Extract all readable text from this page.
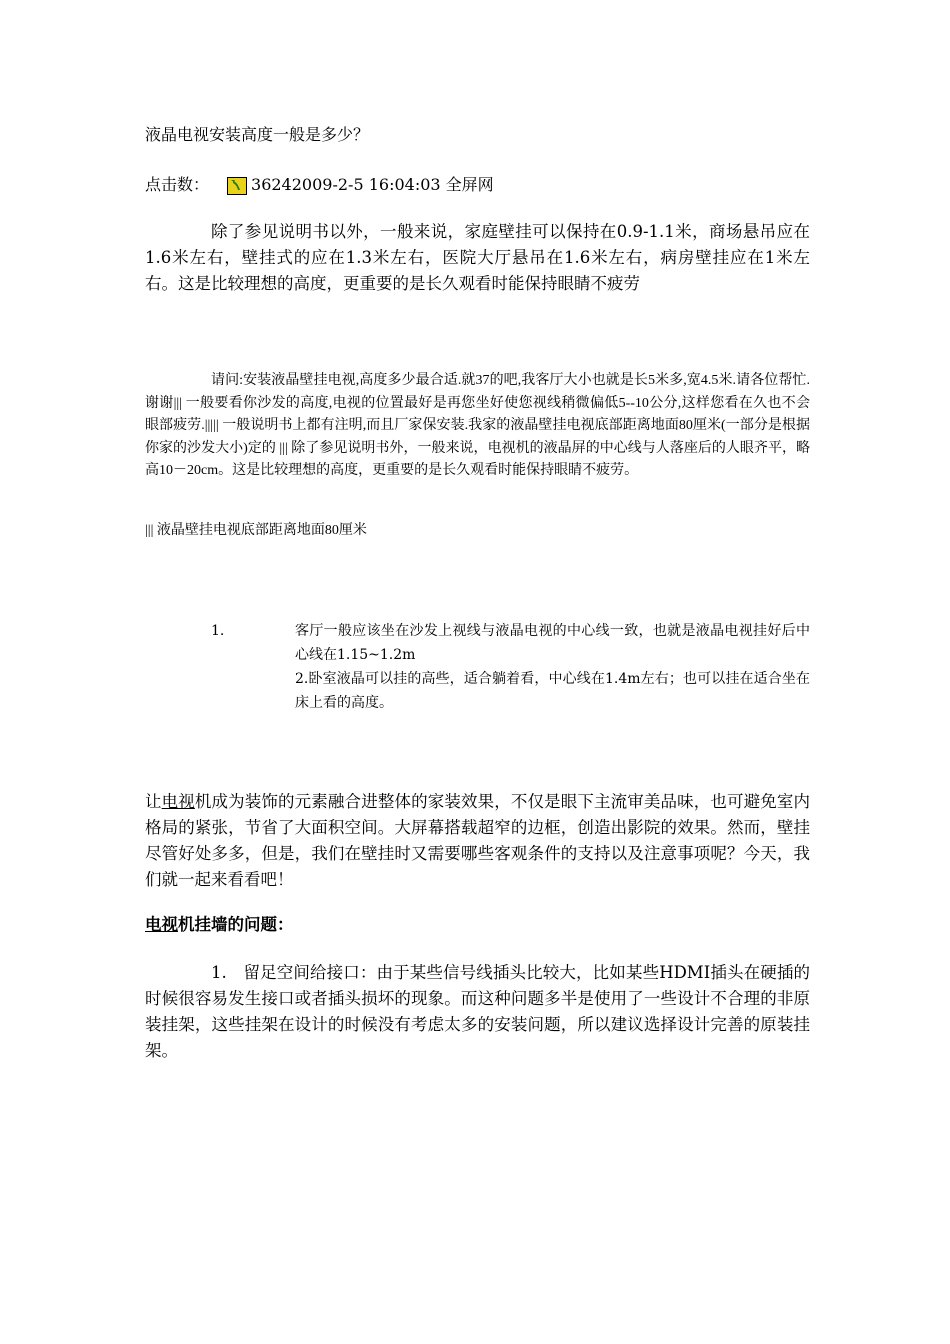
液晶电视安装高度一般是多少？
点击数：	36242009-2-5 16:04:03 全屏网

除了参见说明书以外，一般来说，家庭壁挂可以保持在0.9-1.1米，商场悬吊应在1.6米左右，壁挂式的应在1.3米左右，医院大厅悬吊在1.6米左右，病房壁挂应在1米左右。这是比较理想的高度，更重要的是长久观看时能保持眼睛不疲劳

请问:安装液晶壁挂电视,高度多少最合适.就37的吧,我客厅大小也就是长5米多,宽4.5米.请各位帮忙.谢谢||| 一般要看你沙发的高度,电视的位置最好是再您坐好使您视线稍微偏低5--10公分,这样您看在久也不会眼部疲劳.||||| 一般说明书上都有注明,而且厂家保安装.我家的液晶壁挂电视底部距离地面80厘米(一部分是根据你家的沙发大小)定的 ||| 除了参见说明书外，一般来说，电视机的液晶屏的中心线与人落座后的人眼齐平，略高10－20cm。这是比较理想的高度，更重要的是长久观看时能保持眼睛不疲劳。

||| 液晶壁挂电视底部距离地面80厘米
1.	客厅一般应该坐在沙发上视线与液晶电视的中心线一致，也就是液晶电视挂好后中心线在1.15~1.2m
2.卧室液晶可以挂的高些，适合躺着看，中心线在1.4m左右；也可以挂在适合坐在床上看的高度。

让电视机成为装饰的元素融合进整体的家装效果，不仅是眼下主流审美品味，也可避免室内格局的紧张，节省了大面积空间。大屏幕搭载超窄的边框，创造出影院的效果。然而，壁挂尽管好处多多，但是，我们在壁挂时又需要哪些客观条件的支持以及注意事项呢？今天，我们就一起来看看吧！

电视机挂墙的问题：

1.　留足空间给接口：由于某些信号线插头比较大，比如某些HDMI插头在硬插的时候很容易发生接口或者插头损坏的现象。而这种问题多半是使用了一些设计不合理的非原装挂架，这些挂架在设计的时候没有考虑太多的安装问题，所以建议选择设计完善的原装挂架。
